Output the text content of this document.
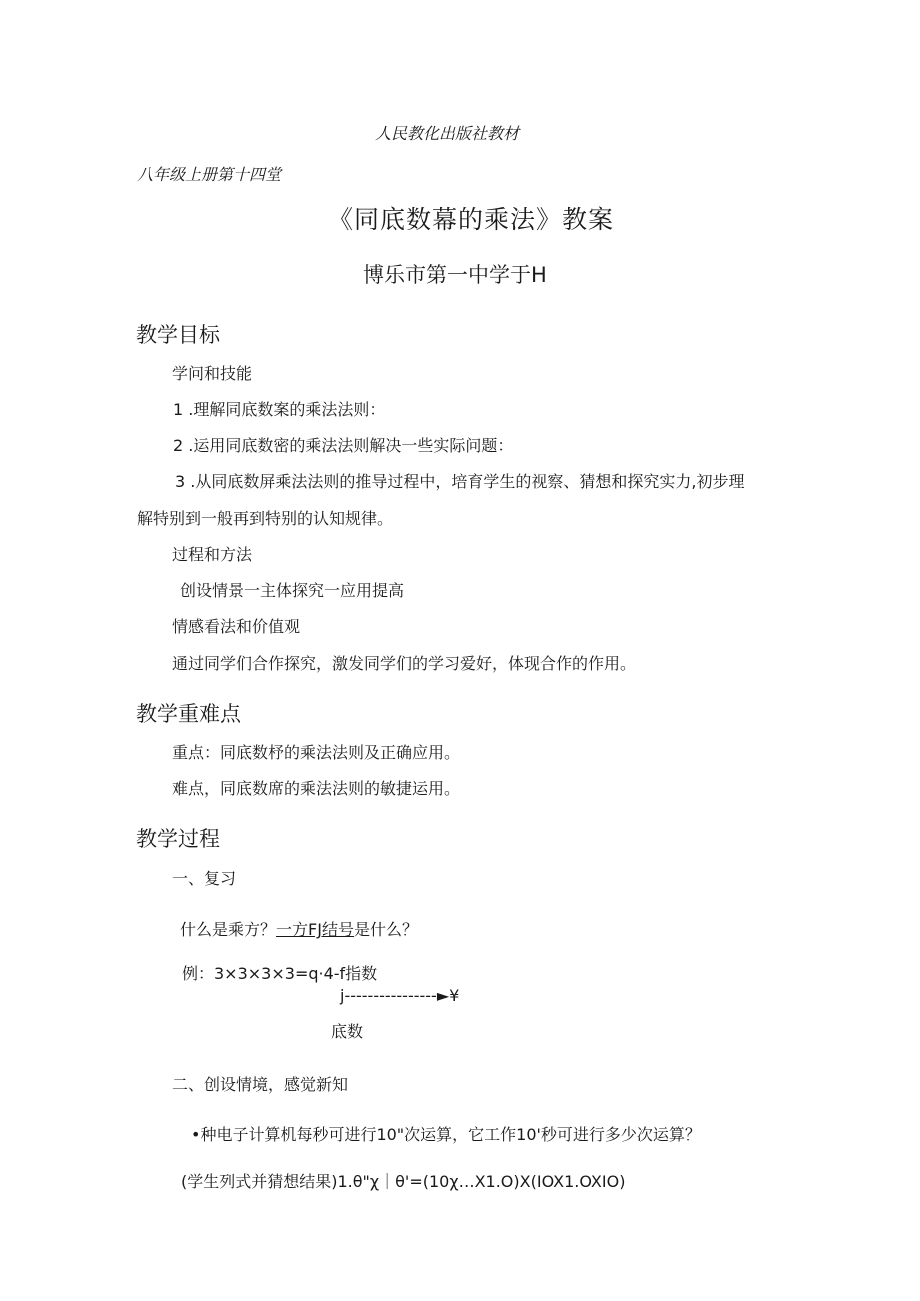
人民教化出版社教材
八年级上册第十四堂
《同底数幕的乘法》教案
博乐市第一中学于H
教学目标
学问和技能
1 .理解同底数案的乘法法则：
2 .运用同底数密的乘法法则解决一些实际问题：
3 .从同底数屏乘法法则的推导过程中，培育学生的视察、猜想和探究实力,初步理
解特别到一般再到特别的认知规律。
过程和方法
创设情景一主体探究一应用提高
情感看法和价值观
通过同学们合作探究，激发同学们的学习爱好，体现合作的作用。
教学重难点
重点：同底数杼的乘法法则及正确应用。
难点，同底数席的乘法法则的敏捷运用。
教学过程
一、复习
什么是乘方？一方FJ结号是什么？
例：3×3×3×3=q·4-f指数
j----------------►¥
底数
二、创设情境，感觉新知
•种电子计算机每秒可进行10"次运算，它工作10'秒可进行多少次运算？
(学生列式并猜想结果)1.θ"χ｜θ'=(10χ…X1.O)X(IOX1.OXIO)
